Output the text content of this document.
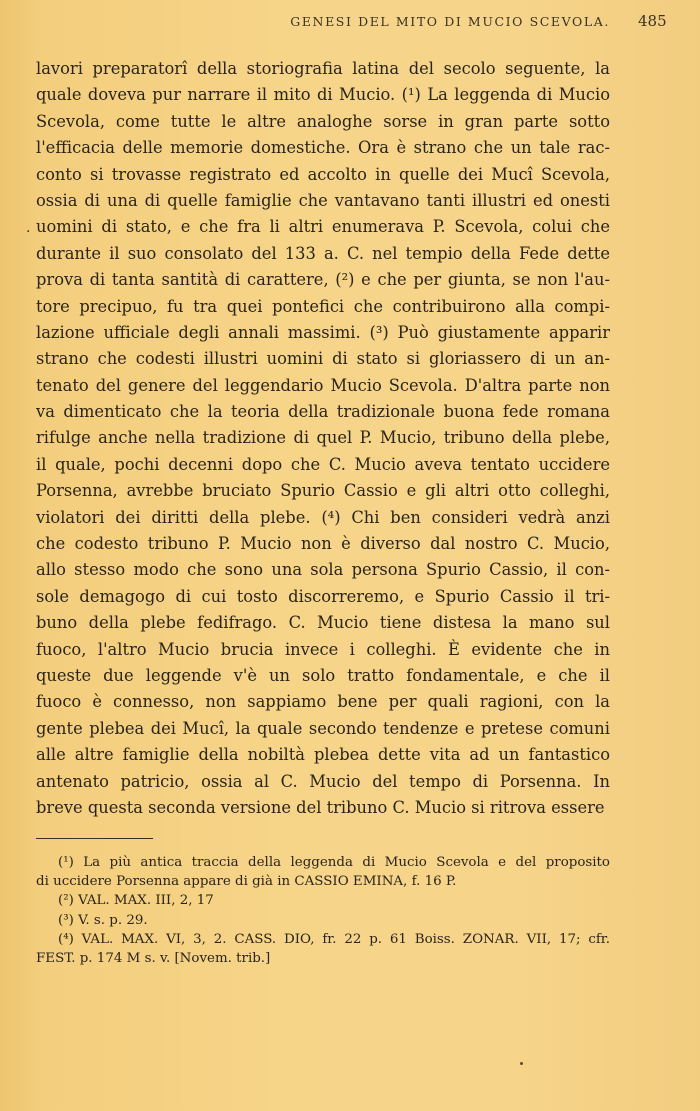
GENESI DEL MITO DI MUCIO SCEVOLA. 485
·
lavori preparatorî della storiografia latina del secolo seguente, la
quale doveva pur narrare il mito di Mucio. (¹) La leggenda di Mucio
Scevola, come tutte le altre analoghe sorse in gran parte sotto
l'efficacia delle memorie domestiche. Ora è strano che un tale rac-
conto si trovasse registrato ed accolto in quelle dei Mucî Scevola,
ossia di una di quelle famiglie che vantavano tanti illustri ed onesti
uomini di stato, e che fra li altri enumerava P. Scevola, colui che
durante il suo consolato del 133 a. C. nel tempio della Fede dette
prova di tanta santità di carattere, (²) e che per giunta, se non l'au-
tore precipuo, fu tra quei pontefici che contribuirono alla compi-
lazione ufficiale degli annali massimi. (³) Può giustamente apparir
strano che codesti illustri uomini di stato si gloriassero di un an-
tenato del genere del leggendario Mucio Scevola. D'altra parte non
va dimenticato che la teoria della tradizionale buona fede romana
rifulge anche nella tradizione di quel P. Mucio, tribuno della plebe,
il quale, pochi decenni dopo che C. Mucio aveva tentato uccidere
Porsenna, avrebbe bruciato Spurio Cassio e gli altri otto colleghi,
violatori dei diritti della plebe. (⁴) Chi ben consideri vedrà anzi
che codesto tribuno P. Mucio non è diverso dal nostro C. Mucio,
allo stesso modo che sono una sola persona Spurio Cassio, il con-
sole demagogo di cui tosto discorreremo, e Spurio Cassio il tri-
buno della plebe fedifrago. C. Mucio tiene distesa la mano sul
fuoco, l'altro Mucio brucia invece i colleghi. È evidente che in
queste due leggende v'è un solo tratto fondamentale, e che il
fuoco è connesso, non sappiamo bene per quali ragioni, con la
gente plebea dei Mucî, la quale secondo tendenze e pretese comuni
alle altre famiglie della nobiltà plebea dette vita ad un fantastico
antenato patricio, ossia al C. Mucio del tempo di Porsenna. In
breve questa seconda versione del tribuno C. Mucio si ritrova essere
(¹) La più antica traccia della leggenda di Mucio Scevola e del proposito
di uccidere Porsenna appare di già in CASSIO EMINA, f. 16 P.
(²) VAL. MAX. III, 2, 17
(³) V. s. p. 29.
(⁴) VAL. MAX. VI, 3, 2. CASS. DIO, fr. 22 p. 61 Boiss. ZONAR. VII, 17; cfr.
FEST. p. 174 M s. v. [Novem. trib.]
